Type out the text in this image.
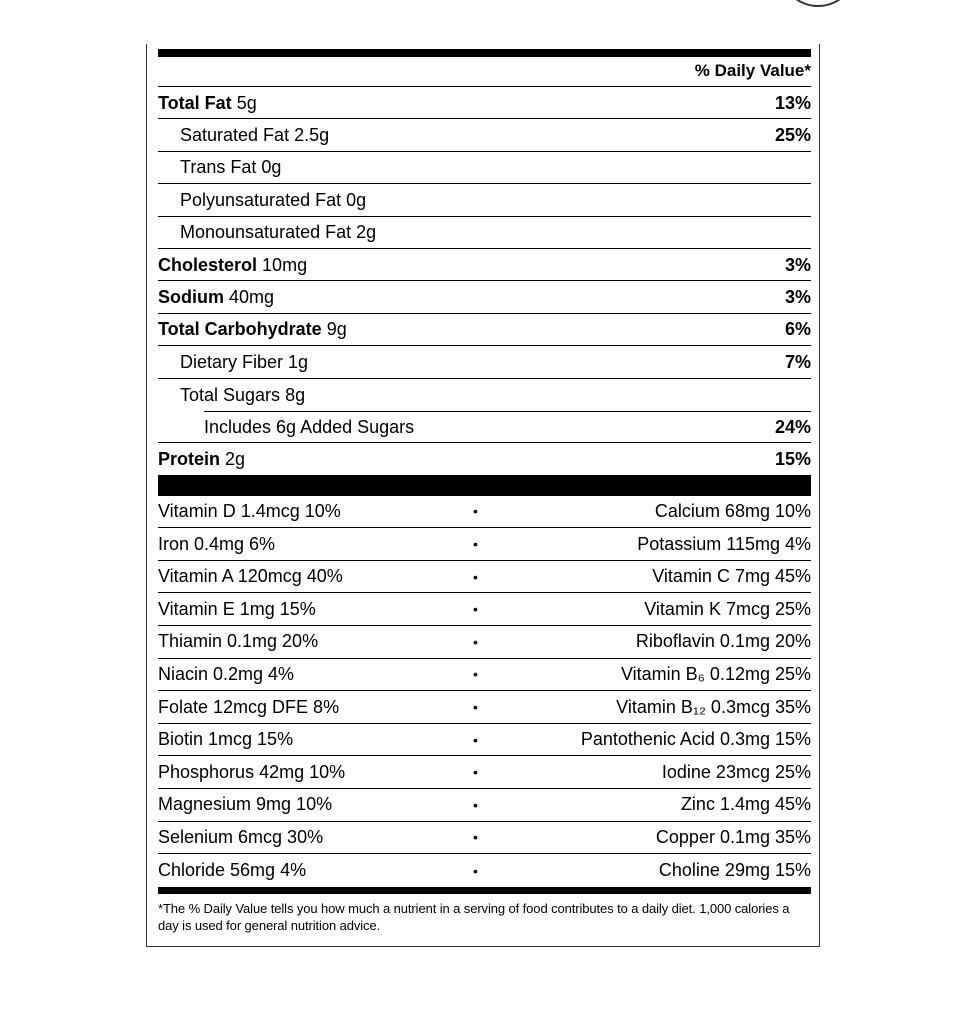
% Daily Value*
Total Fat 5g	13%
Saturated Fat 2.5g	25%
Trans Fat 0g
Polyunsaturated Fat 0g
Monounsaturated Fat 2g
Cholesterol 10mg	3%
Sodium 40mg	3%
Total Carbohydrate 9g	6%
Dietary Fiber 1g	7%
Total Sugars 8g
Includes 6g Added Sugars	24%
Protein 2g	15%
Vitamin D 1.4mcg 10%	•	Calcium 68mg 10%
Iron 0.4mg 6%	•	Potassium 115mg 4%
Vitamin A 120mcg 40%	•	Vitamin C 7mg 45%
Vitamin E 1mg 15%	•	Vitamin K 7mcg 25%
Thiamin 0.1mg 20%	•	Riboflavin 0.1mg 20%
Niacin 0.2mg 4%	•	Vitamin B₆ 0.12mg 25%
Folate 12mcg DFE 8%	•	Vitamin B₁₂ 0.3mcg 35%
Biotin 1mcg 15%	•	Pantothenic Acid 0.3mg 15%
Phosphorus 42mg 10%	•	Iodine 23mcg 25%
Magnesium 9mg 10%	•	Zinc 1.4mg 45%
Selenium 6mcg 30%	•	Copper 0.1mg 35%
Chloride 56mg 4%	•	Choline 29mg 15%
*The % Daily Value tells you how much a nutrient in a serving of food contributes to a daily diet. 1,000 calories a day is used for general nutrition advice.
